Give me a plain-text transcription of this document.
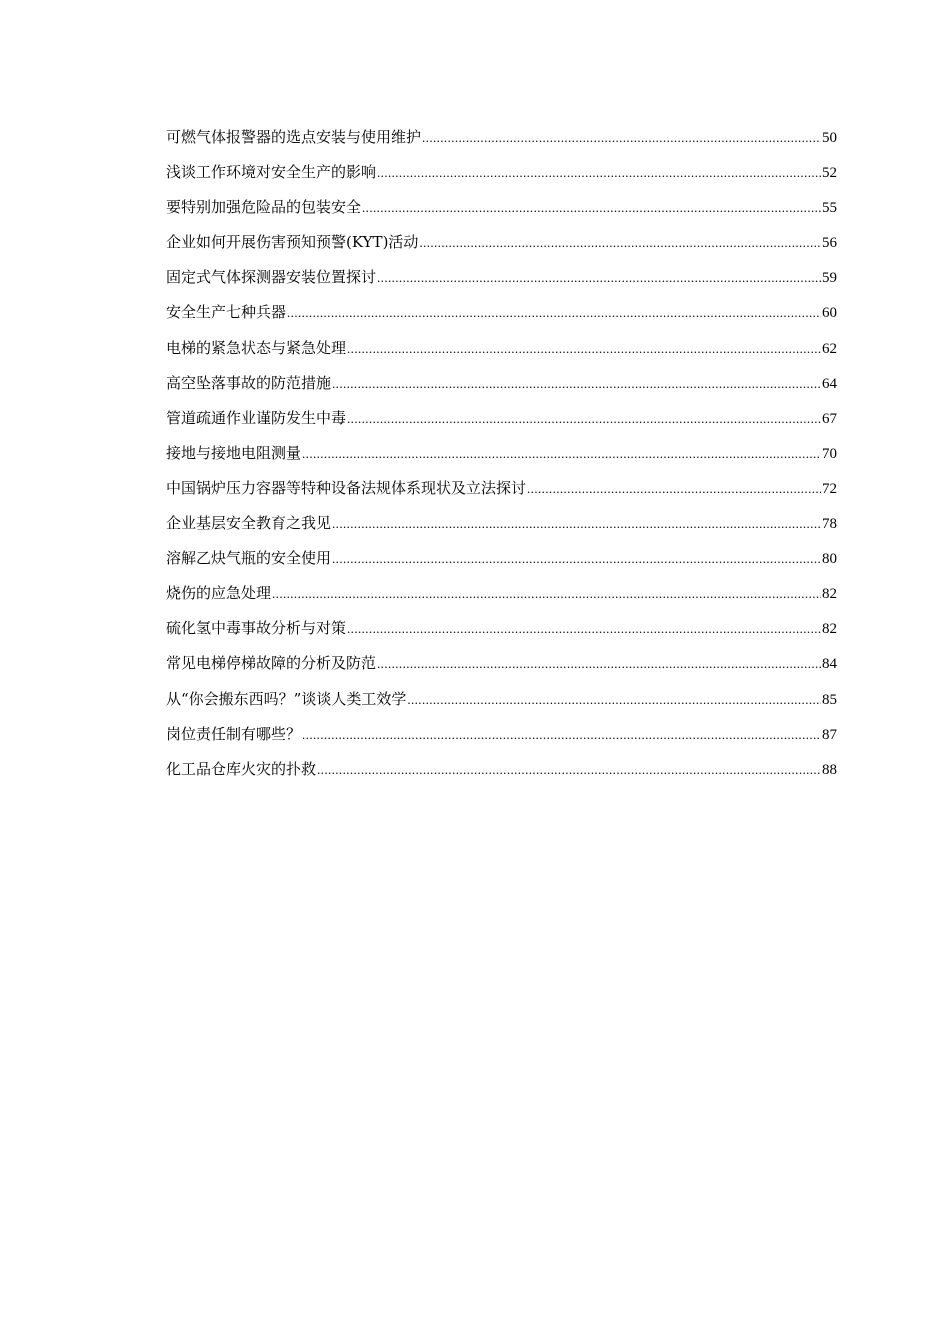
可燃气体报警器的选点安装与使用维护 .....	50
浅谈工作环境对安全生产的影响 .....	52
要特别加强危险品的包装安全 .....	55
企业如何开展伤害预知预警(KYT)活动 .....	56
固定式气体探测器安装位置探讨 .....	59
安全生产七种兵器 .....	60
电梯的紧急状态与紧急处理 .....	62
高空坠落事故的防范措施 .....	64
管道疏通作业谨防发生中毒 .....	67
接地与接地电阻测量 .....	70
中国锅炉压力容器等特种设备法规体系现状及立法探讨 .....	72
企业基层安全教育之我见 .....	78
溶解乙炔气瓶的安全使用 .....	80
烧伤的应急处理 .....	82
硫化氢中毒事故分析与对策 .....	82
常见电梯停梯故障的分析及防范 .....	84
从“你会搬东西吗？”谈谈人类工效学 .....	85
岗位责任制有哪些？ .....	87
化工品仓库火灾的扑救 .....	88
